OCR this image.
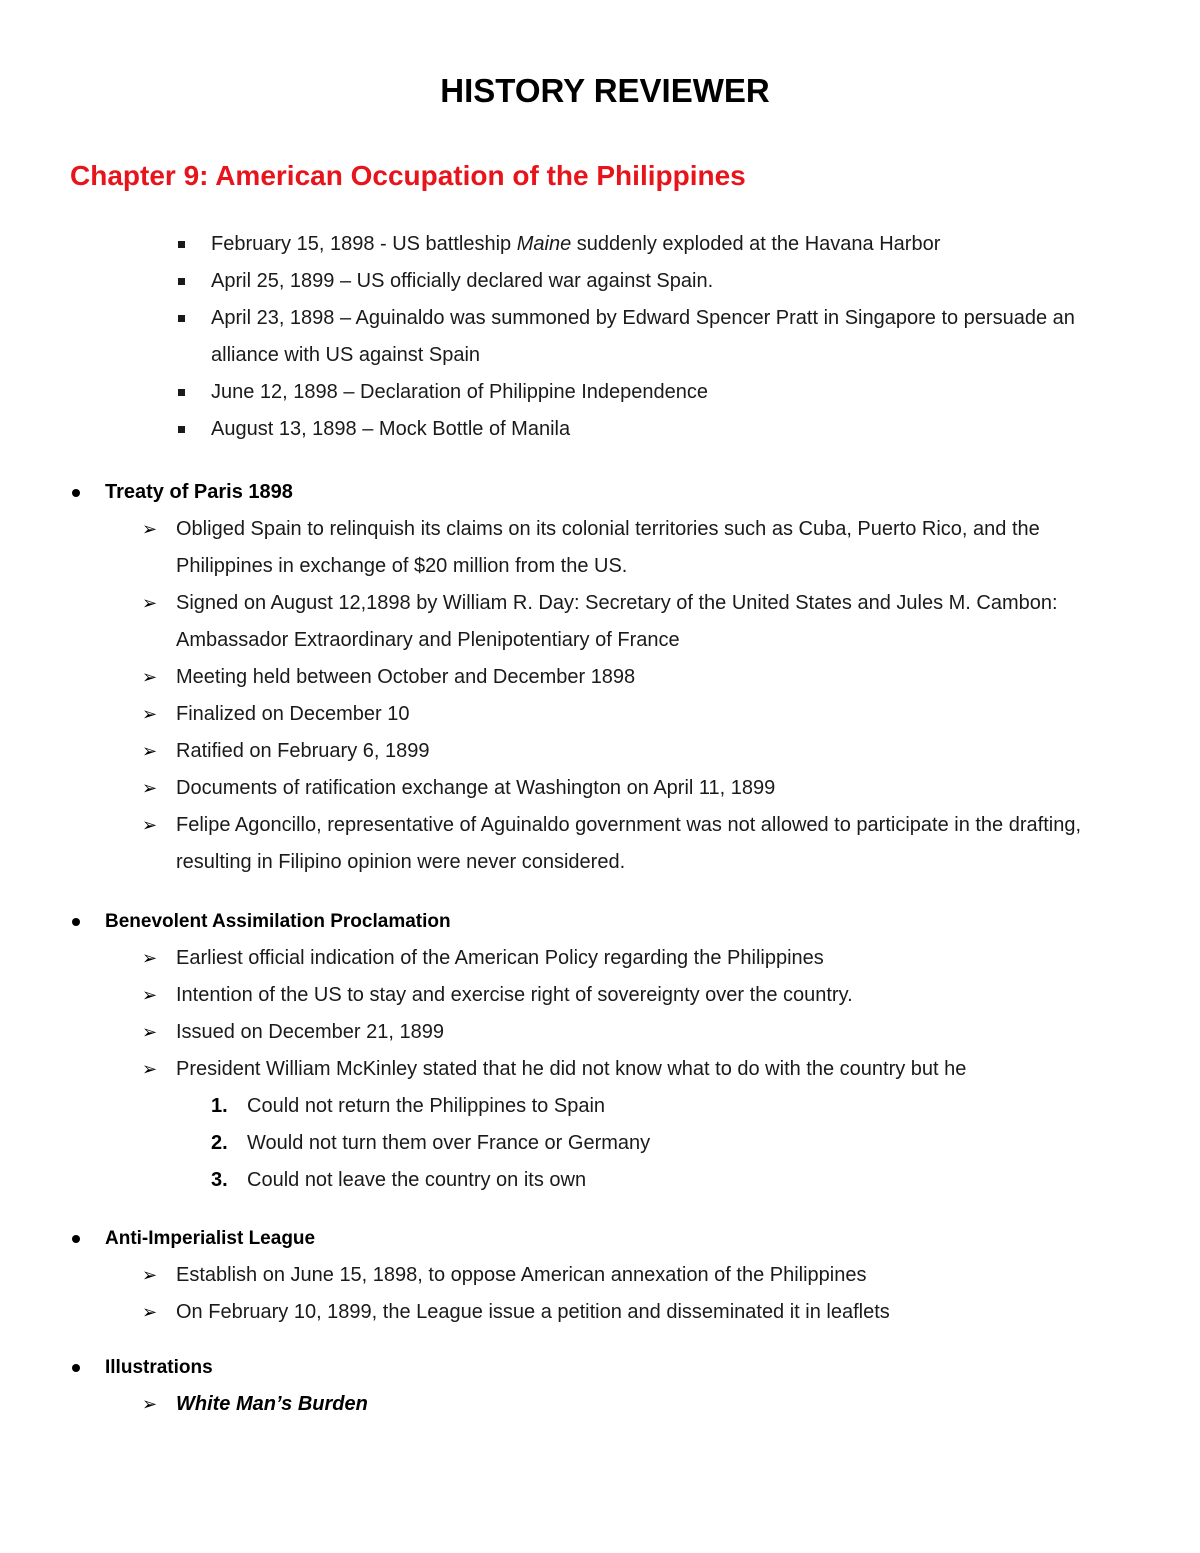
HISTORY REVIEWER
Chapter 9: American Occupation of the Philippines
February 15, 1898 - US battleship Maine suddenly exploded at the Havana Harbor
April 25, 1899 – US officially declared war against Spain.
April 23, 1898 – Aguinaldo was summoned by Edward Spencer Pratt in Singapore to persuade an alliance with US against Spain
June 12, 1898 – Declaration of Philippine Independence
August 13, 1898 – Mock Bottle of Manila
Treaty of Paris 1898
➢ Obliged Spain to relinquish its claims on its colonial territories such as Cuba, Puerto Rico, and the Philippines in exchange of $20 million from the US.
➢ Signed on August 12,1898 by William R. Day: Secretary of the United States and Jules M. Cambon: Ambassador Extraordinary and Plenipotentiary of France
➢ Meeting held between October and December 1898
➢ Finalized on December 10
➢ Ratified on February 6, 1899
➢ Documents of ratification exchange at Washington on April 11, 1899
➢ Felipe Agoncillo, representative of Aguinaldo government was not allowed to participate in the drafting, resulting in Filipino opinion were never considered.
Benevolent Assimilation Proclamation
➢ Earliest official indication of the American Policy regarding the Philippines
➢ Intention of the US to stay and exercise right of sovereignty over the country.
➢ Issued on December 21, 1899
➢ President William McKinley stated that he did not know what to do with the country but he
1. Could not return the Philippines to Spain
2. Would not turn them over France or Germany
3. Could not leave the country on its own
Anti-Imperialist League
➢ Establish on June 15, 1898, to oppose American annexation of the Philippines
➢ On February 10, 1899, the League issue a petition and disseminated it in leaflets
Illustrations
➢ White Man’s Burden
